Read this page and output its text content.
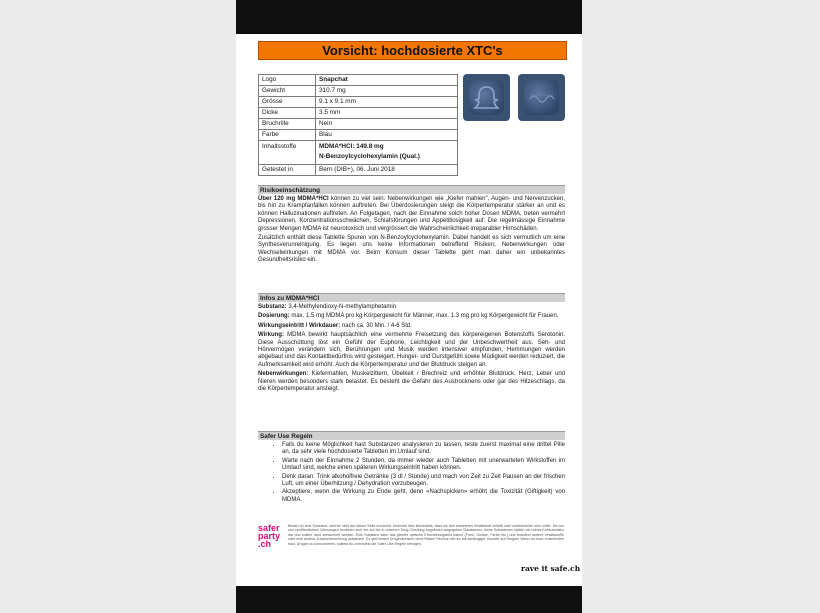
Vorsicht: hochdosierte XTC's
Logo	Snapchat
Gewicht	310.7 mg
Grösse	9.1 x 9.1 mm
Dicke	3.5 mm
Bruchrille	Nein
Farbe	Blau
Inhaltsstoffe	MDMA*HCl: 149.8 mg
N-Benzoylcyclohexylamin (Qual.)

Getestet in	Bern (DIB+), 06. Juni 2018
Risikoeinschätzung

Über 120 mg MDMA*HCl können zu viel sein. Nebenwirkungen wie „Kiefer mahlen", Augen- und Nervenzucken, bis hin zu Krampfanfällen können auftreten. Bei Überdosierungen steigt die Körpertemperatur stärker an und es können Halluzinationen auftreten. An Folgetagen, nach der Einnahme solch hoher Dosen MDMA, treten vermehrt Depressionen, Konzentrationsschwächen, Schlafstörungen und Appetitlosigkeit auf. Die regelmässige Einnahme grosser Mengen MDMA ist neurotoxisch und vergrössert die Wahrscheinlichkeit irreparabler Hirnschäden.

Zusätzlich enthält diese Tablette Spuren von N-Benzoylcyclohexylamin. Dabei handelt es sich vermutlich um eine Synthesverunreinigung. Es liegen uns keine Informationen betreffend Risiken, Nebenwirkungen oder Wechselwirkungen mit MDMA vor. Beim Konsum dieser Tablette geht man daher ein unbekanntes Gesundheitsrisiko ein.

Infos zu MDMA*HCl

Substanz: 3,4-Methylendioxy-N-methylamphetamin

Dosierung: max. 1.5 mg MDMA pro kg Körpergewicht für Männer, max. 1.3 mg pro kg Körpergewicht für Frauen.

Wirkungseintritt / Wirkdauer: nach ca. 30 Min. / 4-6 Std.

Wirkung: MDMA bewirkt hauptsächlich eine vermehrte Freisetzung des körpereigenen Botenstoffs Serotonin. Diese Ausschüttung löst ein Gefühl der Euphorie, Leichtigkeit und der Unbeschwertheit aus. Seh- und Hörvermögen verändern sich, Berührungen und Musik werden intensiver empfunden, Hemmungen werden abgebaut und das Kontaktbedürfnis wird gesteigert. Hunger- und Durstgefühl sowie Müdigkeit werden reduziert, die Aufmerksamkeit wird erhöht. Auch die Körpertemperatur und der Blutdruck steigen an.

Nebenwirkungen: Kiefermahlen, Muskelzittern, Übelkeit / Brechreiz und erhöhter Blutdruck. Herz, Leber und Nieren werden besonders stark belastet. Es besteht die Gefahr des Austrocknens oder gar des Hitzeschlags, da die Körpertemperatur ansteigt.

Safer Use Regeln
• Falls du keine Möglichkeit hast Substanzen analysieren zu lassen, teste zuerst maximal eine drittel Pille an, da sehr viele hochdosierte Tabletten im Umlauf sind.
• Warte nach der Einnahme 2 Stunden, da immer wieder auch Tabletten mit unerwarteten Wirkstoffen im Umlauf sind, welche einen späteren Wirkungseintritt haben können.
• Denk daran: Trink alkoholfreie Getränke (3 dl / Stunde) und mach von Zeit zu Zeit Pausen an der frischen Luft, um einer Überhitzung / Dehydration vorzubeugen.
• Akzeptiere, wenn die Wirkung zu Ende geht, denn «Nachspicken» erhöht die Toxizität (Giftigkeit) von MDMA.
safer party .ch
Bedarf du eine Substanz, welche nicht auf dieser Seite erscheint, bedeutet dies keinesfalls, dass sie den erwarteten Inhaltsstoff enthält oder unbedenklich sein sollte. Da von uns veröffentlichten Warnungen beziehen sich nur auf die in unserem Drug Checking Angeboten abgegeben Substanzen, diese Substanzen stellen ein hohes Konsumrisiko dar und sollten nicht konsumiert werden. Eine Substanz kann das gleiche optische Erscheinungsbild haben (Form, Grösse, Farbe etc.) und trotzdem andere Inhaltsstoffe oder eine andere Zusammensetzung aufweisen. Es gibt keinen Drogenkonsum ohne Risiko! Rechne mit nur mit abhängiger Vorsicht auf Drogen! Wenn du doch entschieden hast, Drogen zu konsumieren, solltest du zumindest die Safer-Use-Regeln befolgen.
rave it safe.ch
